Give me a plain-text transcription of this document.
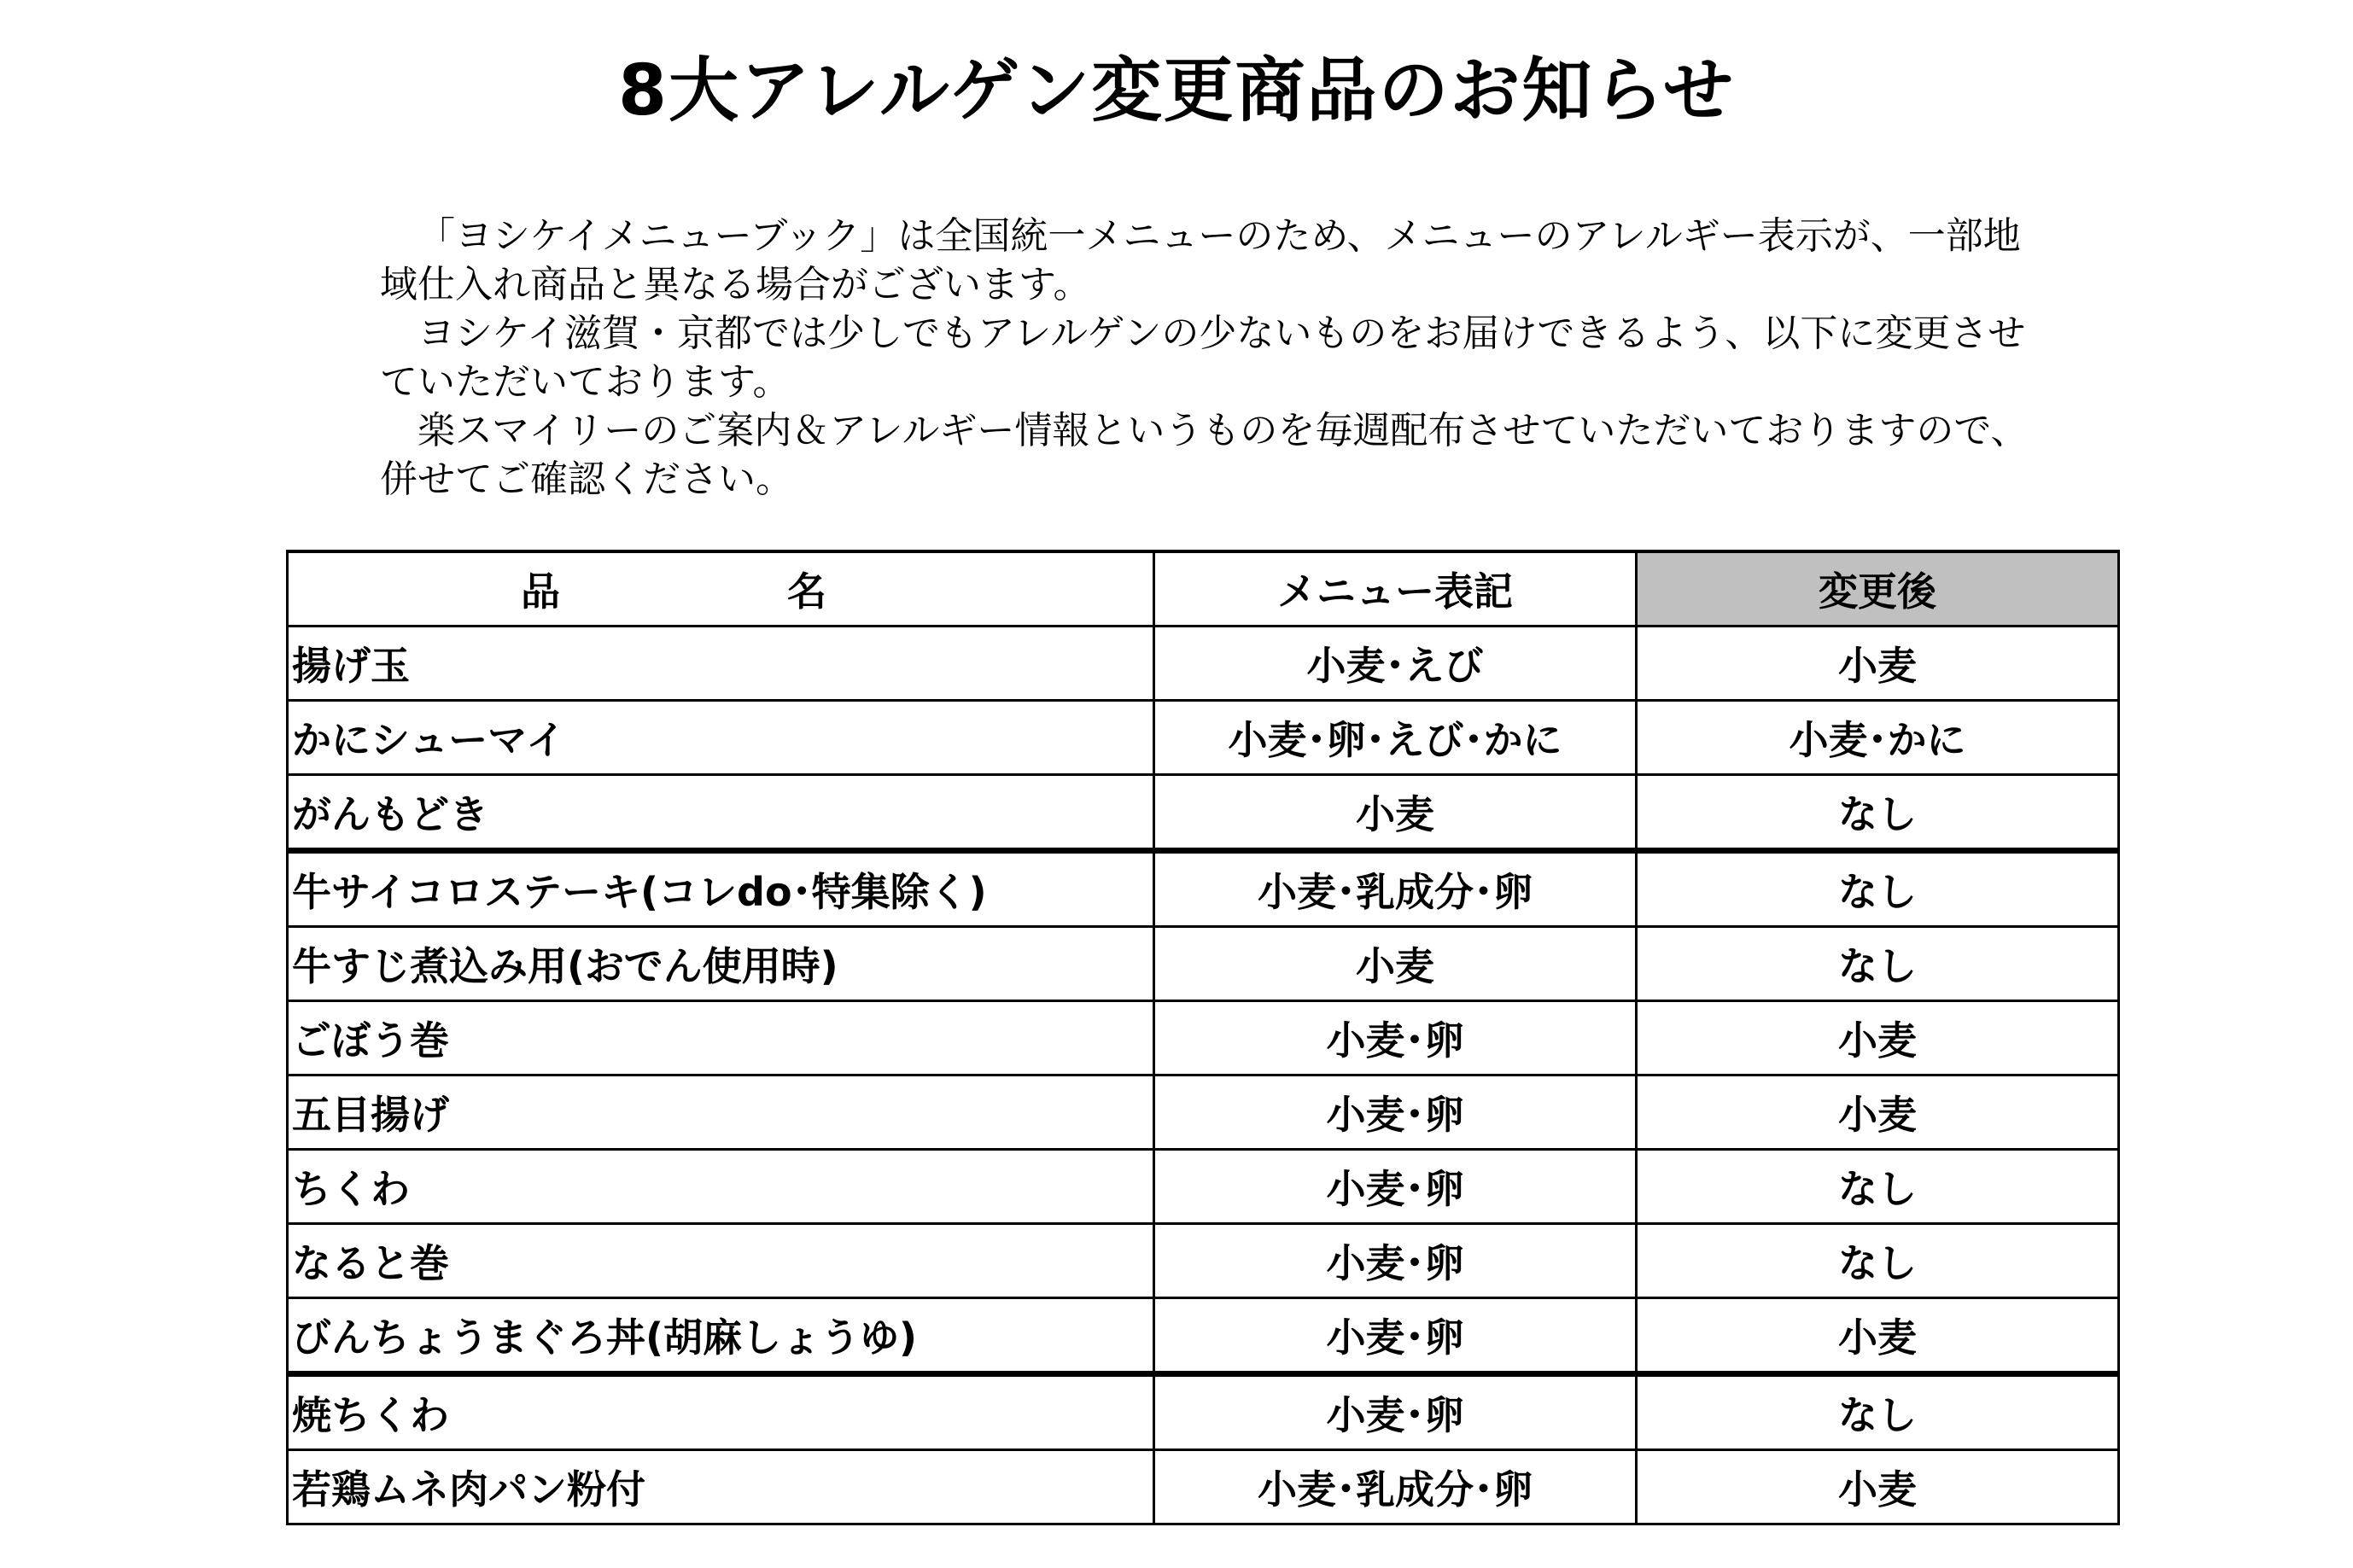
8大アレルゲン変更商品のお知らせ

「ヨシケイメニューブック」は全国統一メニューのため、メニューのアレルギー表示が、一部地域仕入れ商品と異なる場合がございます。

ヨシケイ滋賀・京都では少しでもアレルゲンの少ないものをお届けできるよう、以下に変更させていただいております。

楽スマイリーのご案内＆アレルギー情報というものを毎週配布させていただいておりますので、併せてご確認ください。

品　名	メニュー表記	変更後
揚げ玉	小麦･えび	小麦
かにシューマイ	小麦･卵･えび･かに	小麦･かに
がんもどき	小麦	なし
牛サイコロステーキ(コレdo･特集除く)	小麦･乳成分･卵	なし
牛すじ煮込み用(おでん使用時)	小麦	なし
ごぼう巻	小麦･卵	小麦
五目揚げ	小麦･卵	小麦
ちくわ	小麦･卵	なし
なると巻	小麦･卵	なし
びんちょうまぐろ丼(胡麻しょうゆ)	小麦･卵	小麦
焼ちくわ	小麦･卵	なし
若鶏ムネ肉パン粉付	小麦･乳成分･卵	小麦
